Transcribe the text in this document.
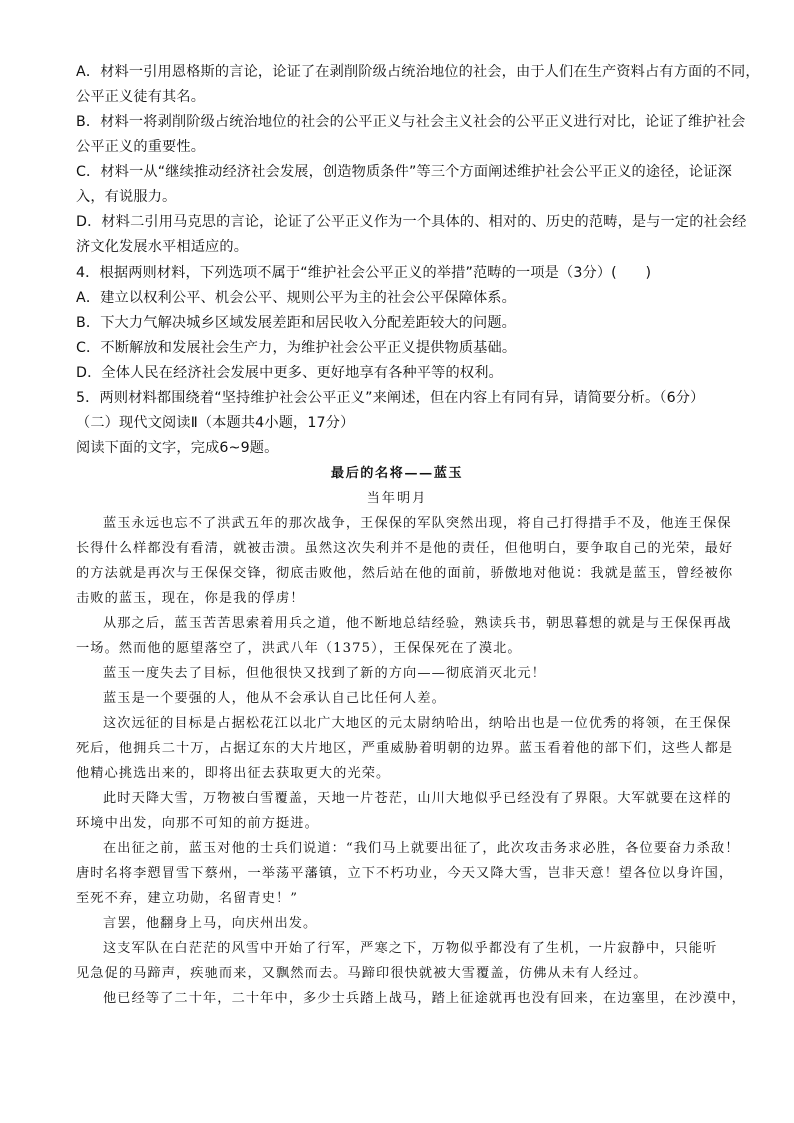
A．材料一引用恩格斯的言论，论证了在剥削阶级占统治地位的社会，由于人们在生产资料占有方面的不同，
公平正义徒有其名。
B．材料一将剥削阶级占统治地位的社会的公平正义与社会主义社会的公平正义进行对比，论证了维护社会
公平正义的重要性。
C．材料一从“继续推动经济社会发展，创造物质条件”等三个方面阐述维护社会公平正义的途径，论证深
入，有说服力。
D．材料二引用马克思的言论，论证了公平正义作为一个具体的、相对的、历史的范畴，是与一定的社会经
济文化发展水平相适应的。
4．根据两则材料，下列选项不属于“维护社会公平正义的举措”范畴的一项是（3分）(　　)
A．建立以权利公平、机会公平、规则公平为主的社会公平保障体系。
B．下大力气解决城乡区域发展差距和居民收入分配差距较大的问题。
C．不断解放和发展社会生产力，为维护社会公平正义提供物质基础。
D．全体人民在经济社会发展中更多、更好地享有各种平等的权利。
5．两则材料都围绕着“坚持维护社会公平正义”来阐述，但在内容上有同有异，请简要分析。（6分）
（二）现代文阅读Ⅱ（本题共4小题，17分）
阅读下面的文字，完成6~9题。
最后的名将——蓝玉
当年明月
蓝玉永远也忘不了洪武五年的那次战争，王保保的军队突然出现，将自己打得措手不及，他连王保保
长得什么样都没有看清，就被击溃。虽然这次失利并不是他的责任，但他明白，要争取自己的光荣，最好
的方法就是再次与王保保交锋，彻底击败他，然后站在他的面前，骄傲地对他说：我就是蓝玉，曾经被你
击败的蓝玉，现在，你是我的俘虏！
从那之后，蓝玉苦苦思索着用兵之道，他不断地总结经验，熟读兵书，朝思暮想的就是与王保保再战
一场。然而他的愿望落空了，洪武八年（1375），王保保死在了漠北。
蓝玉一度失去了目标，但他很快又找到了新的方向——彻底消灭北元！
蓝玉是一个要强的人，他从不会承认自己比任何人差。
这次远征的目标是占据松花江以北广大地区的元太尉纳哈出，纳哈出也是一位优秀的将领，在王保保
死后，他拥兵二十万，占据辽东的大片地区，严重威胁着明朝的边界。蓝玉看着他的部下们，这些人都是
他精心挑选出来的，即将出征去获取更大的光荣。
此时天降大雪，万物被白雪覆盖，天地一片苍茫，山川大地似乎已经没有了界限。大军就要在这样的
环境中出发，向那不可知的前方挺进。
在出征之前，蓝玉对他的士兵们说道：“我们马上就要出征了，此次攻击务求必胜，各位要奋力杀敌！
唐时名将李愬冒雪下蔡州，一举荡平藩镇，立下不朽功业，今天又降大雪，岂非天意！望各位以身许国，
至死不弃，建立功勋，名留青史！”
言罢，他翻身上马，向庆州出发。
这支军队在白茫茫的风雪中开始了行军，严寒之下，万物似乎都没有了生机，一片寂静中，只能听
见急促的马蹄声，疾驰而来，又飘然而去。马蹄印很快就被大雪覆盖，仿佛从未有人经过。
他已经等了二十年，二十年中，多少士兵踏上战马，踏上征途就再也没有回来，在边塞里，在沙漠中，
